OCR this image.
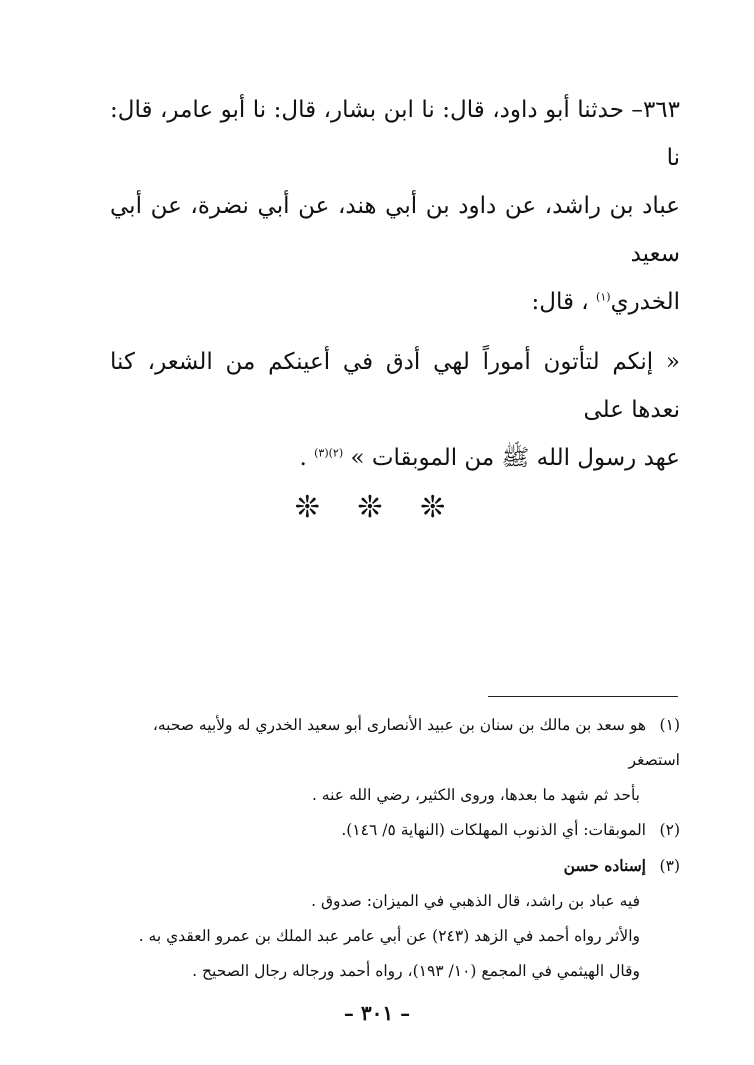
٣٦٣– حدثنا أبو داود، قال: نا ابن بشار، قال: نا أبو عامر، قال: نا
عباد بن راشد، عن داود بن أبي هند، عن أبي نضرة، عن أبي سعيد
الخدري$^{(١)}$ ، قال:

« إنكم لتأتون أموراً لهي أدق في أعينكم من الشعر، كنا نعدها على
عهد رسول الله ﷺ من الموبقات » $^{(٢)(٣)}$ .

❊ ❊ ❊

(١)هو سعد بن مالك بن سنان بن عبيد الأنصارى أبو سعيد الخدري له ولأبيه صحبه، استصغر

بأحد ثم شهد ما بعدها، وروى الكثير، رضي الله عنه .

(٢)الموبقات: أي الذنوب المهلكات (النهاية ٥/ ١٤٦).

(٣)إسناده حسن

فيه عباد بن راشد، قال الذهبي في الميزان: صدوق .

والأثر رواه أحمد في الزهد (٢٤٣) عن أبي عامر عبد الملك بن عمرو العقدي به .

وقال الهيثمي في المجمع (١٠/ ١٩٣)، رواه أحمد ورجاله رجال الصحيح .

– ٣٠١ –
